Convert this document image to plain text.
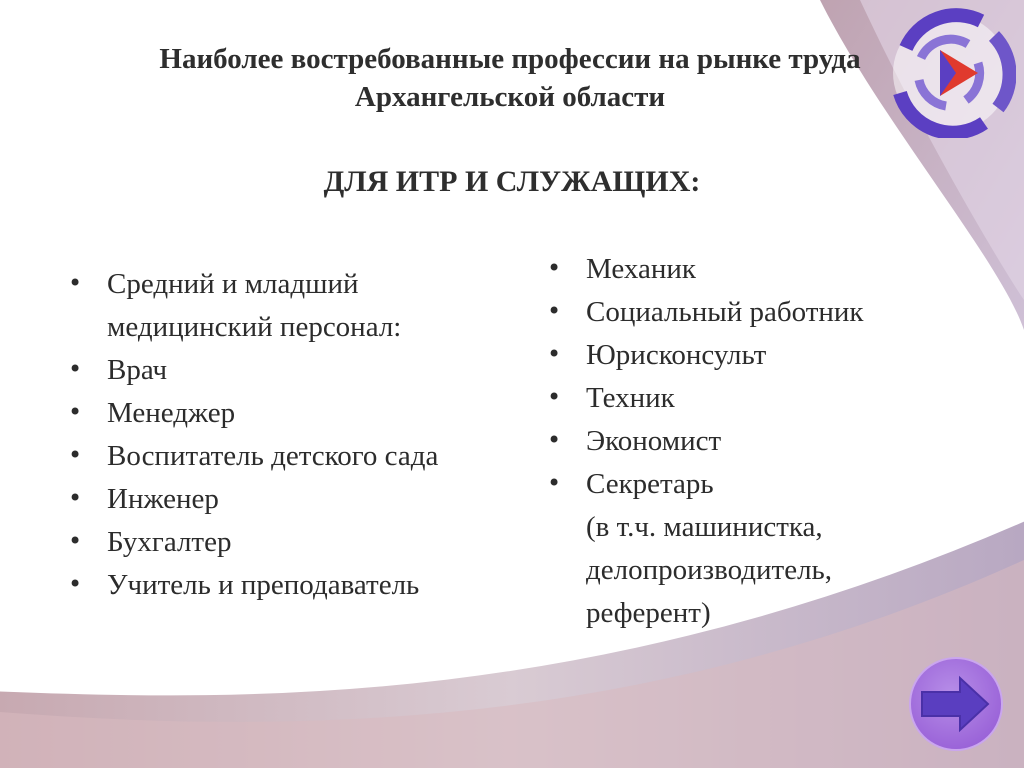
Наиболее востребованные профессии на рынке труда
Архангельской области
ДЛЯ ИТР И СЛУЖАЩИХ:
• Средний и младший медицинский персонал:
• Врач
• Менеджер
• Воспитатель детского сада
• Инженер
• Бухгалтер
• Учитель и преподаватель
• Механик
• Социальный работник
• Юрисконсульт
• Техник
• Экономист
• Секретарь
(в т.ч. машинистка,
делопроизводитель,
референт)
